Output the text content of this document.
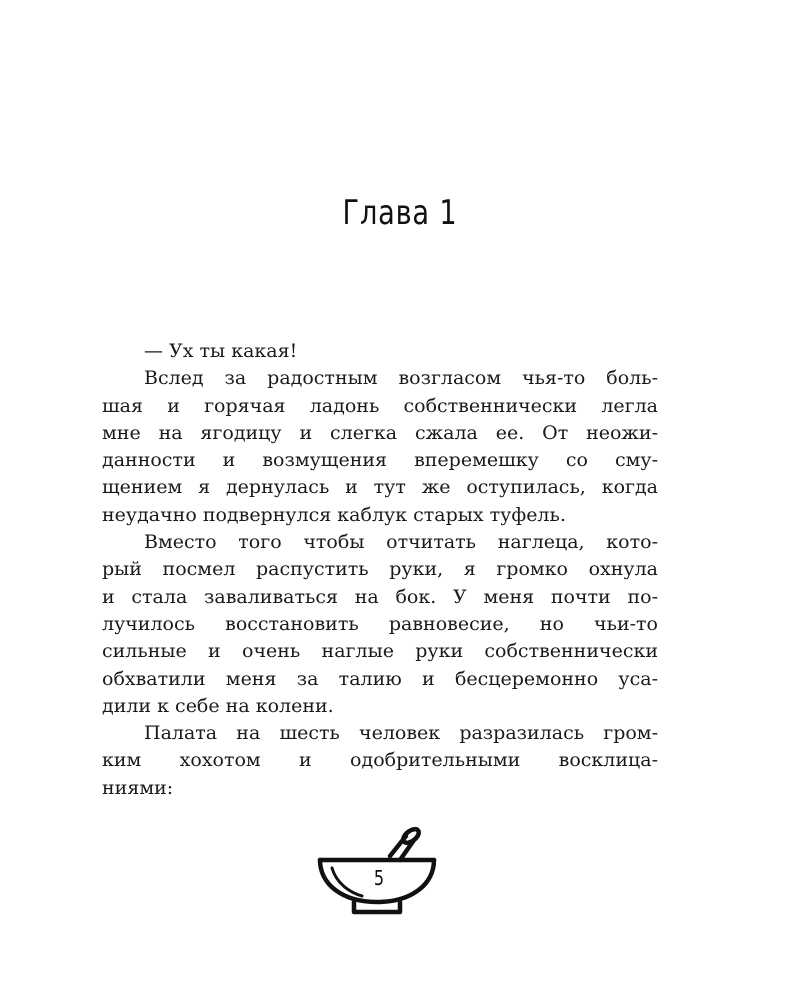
Глава 1
— Ух ты какая!
Вслед за радостным возгласом чья-то боль-
шая и горячая ладонь собственнически легла
мне на ягодицу и слегка сжала ее. От неожи-
данности и возмущения вперемешку со сму-
щением я дернулась и тут же оступилась, когда
неудачно подвернулся каблук старых туфель.
Вместо того чтобы отчитать наглеца, кото-
рый посмел распустить руки, я громко охнула
и стала заваливаться на бок. У меня почти по-
лучилось восстановить равновесие, но чьи-то
сильные и очень наглые руки собственнически
обхватили меня за талию и бесцеремонно уса-
дили к себе на колени.
Палата на шесть человек разразилась гром-
ким хохотом и одобрительными восклица-
ниями:
5
